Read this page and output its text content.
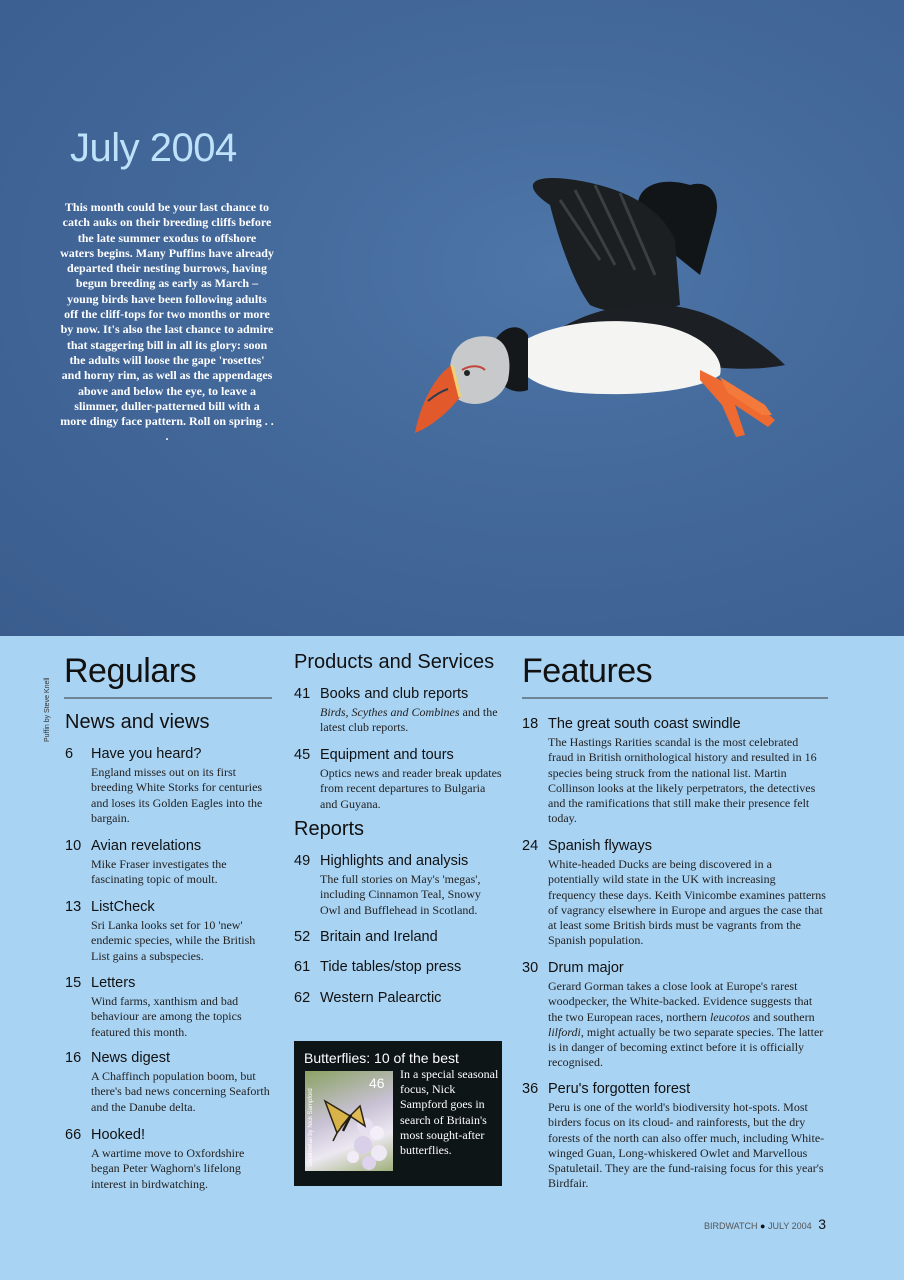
July 2004

This month could be your last chance to catch auks on their breeding cliffs before the late summer exodus to offshore waters begins. Many Puffins have already departed their nesting burrows, having begun breeding as early as March – young birds have been following adults off the cliff-tops for two months or more by now. It's also the last chance to admire that staggering bill in all its glory: soon the adults will loose the gape 'rosettes' and horny rim, as well as the appendages above and below the eye, to leave a slimmer, duller-patterned bill with a more dingy face pattern. Roll on spring . . .

Puffin by Steve Knell
Regulars
News and views
6 Have you heard?

England misses out on its first breeding White Storks for centuries and loses its Golden Eagles into the bargain.

10 Avian revelations

Mike Fraser investigates the fascinating topic of moult.

13 ListCheck

Sri Lanka looks set for 10 'new' endemic species, while the British List gains a subspecies.

15 Letters

Wind farms, xanthism and bad behaviour are among the topics featured this month.

16 News digest

A Chaffinch population boom, but there's bad news concerning Seaforth and the Danube delta.

66 Hooked!

A wartime move to Oxfordshire began Peter Waghorn's lifelong interest in birdwatching.

Products and Services
41 Books and club reports

Birds, Scythes and Combines and the latest club reports.

45 Equipment and tours

Optics news and reader break updates from recent departures to Bulgaria and Guyana.

Reports
49 Highlights and analysis

The full stories on May's 'megas', including Cinnamon Teal, Snowy Owl and Bufflehead in Scotland.

52 Britain and Ireland
61 Tide tables/stop press
62 Western Palearctic
Butterflies: 10 of the best
46
Swallowtail by Nick Sampford

In a special seasonal focus, Nick Sampford goes in search of Britain's most sought-after butterflies.

Features
18 The great south coast swindle

The Hastings Rarities scandal is the most celebrated fraud in British ornithological history and resulted in 16 species being struck from the national list. Martin Collinson looks at the likely perpetrators, the detectives and the ramifications that still make their presence felt today.

24 Spanish flyways

White-headed Ducks are being discovered in a potentially wild state in the UK with increasing frequency these days. Keith Vinicombe examines patterns of vagrancy elsewhere in Europe and argues the case that at least some British birds must be vagrants from the Spanish population.

30 Drum major

Gerard Gorman takes a close look at Europe's rarest woodpecker, the White-backed. Evidence suggests that the two European races, northern leucotos and southern lilfordi, might actually be two separate species. The latter is in danger of becoming extinct before it is officially recognised.

36 Peru's forgotten forest

Peru is one of the world's biodiversity hot-spots. Most birders focus on its cloud- and rainforests, but the dry forests of the north can also offer much, including White-winged Guan, Long-whiskered Owlet and Marvellous Spatuletail. They are the fund-raising focus for this year's Birdfair.

BIRDWATCH ● JULY 2004 3
